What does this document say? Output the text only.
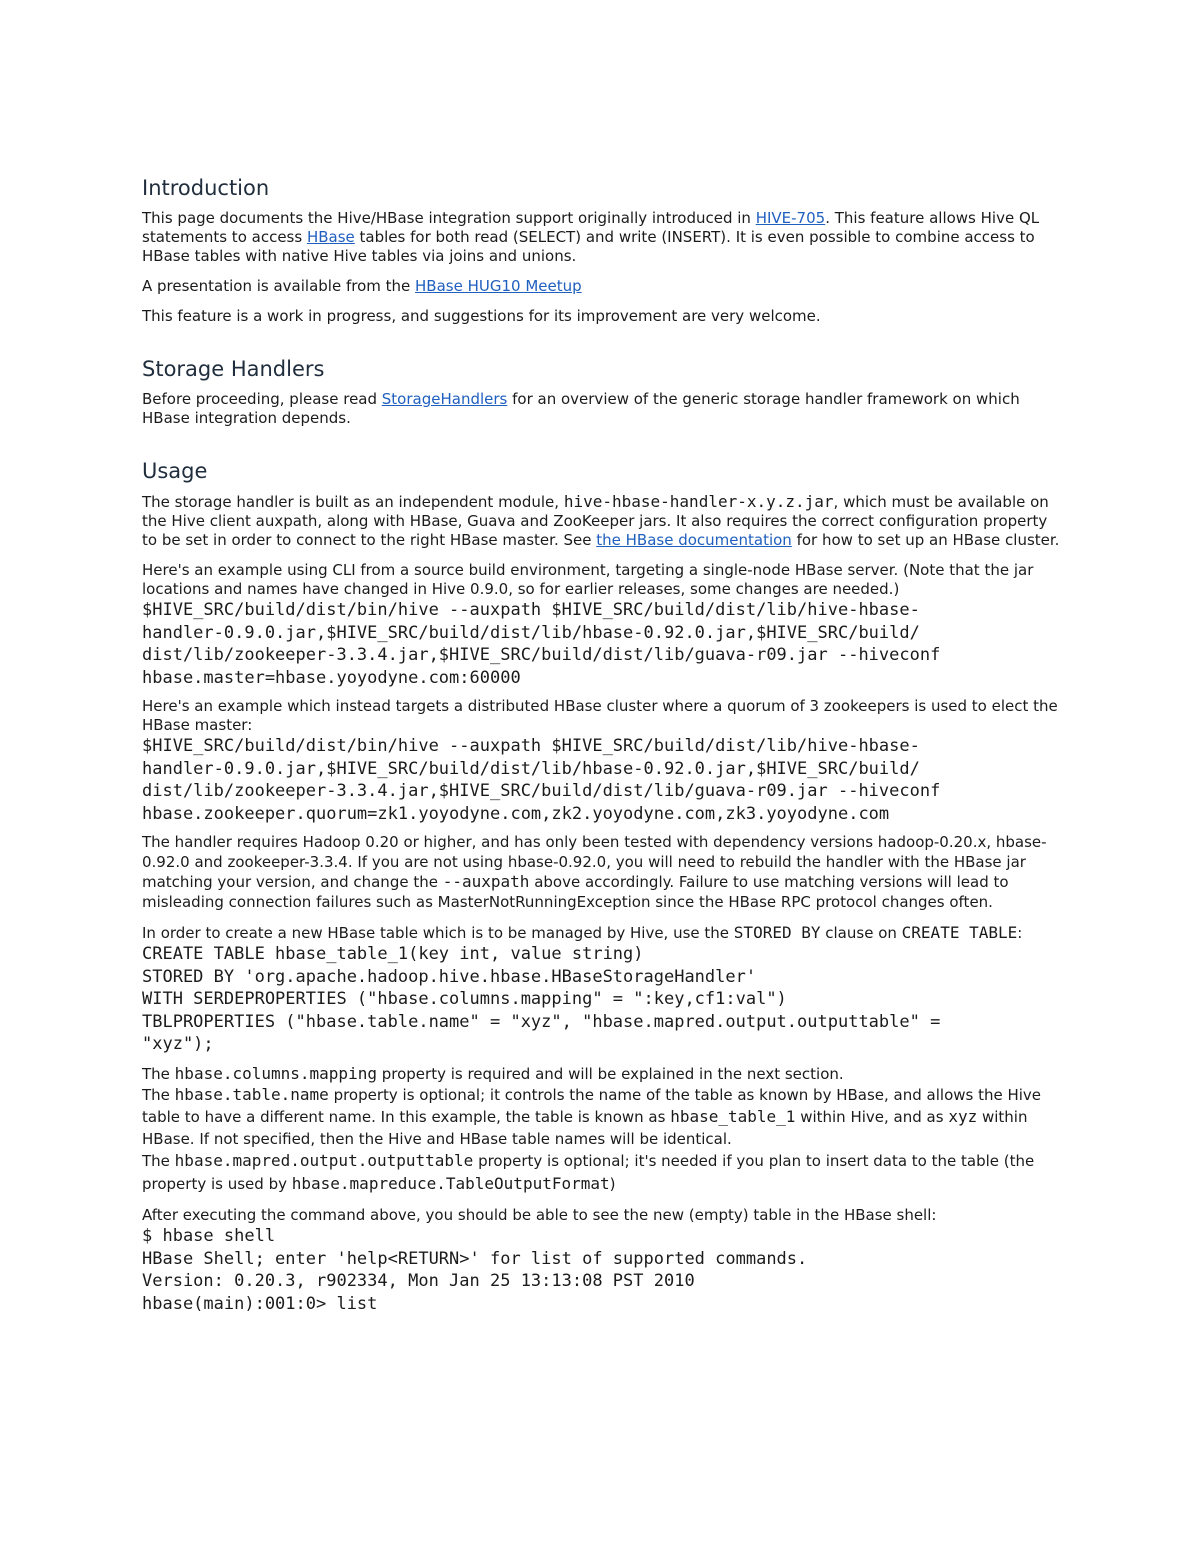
Introduction

This page documents the Hive/HBase integration support originally introduced in HIVE-705. This feature allows Hive QL statements to access HBase tables for both read (SELECT) and write (INSERT). It is even possible to combine access to HBase tables with native Hive tables via joins and unions.

A presentation is available from the HBase HUG10 Meetup

This feature is a work in progress, and suggestions for its improvement are very welcome.

Storage Handlers

Before proceeding, please read StorageHandlers for an overview of the generic storage handler framework on which HBase integration depends.

Usage

The storage handler is built as an independent module, hive-hbase-handler-x.y.z.jar, which must be available on the Hive client auxpath, along with HBase, Guava and ZooKeeper jars. It also requires the correct configuration property to be set in order to connect to the right HBase master. See the HBase documentation for how to set up an HBase cluster.

Here's an example using CLI from a source build environment, targeting a single-node HBase server. (Note that the jar locations and names have changed in Hive 0.9.0, so for earlier releases, some changes are needed.)

$HIVE_SRC/build/dist/bin/hive --auxpath $HIVE_SRC/build/dist/lib/hive-hbase-
handler-0.9.0.jar,$HIVE_SRC/build/dist/lib/hbase-0.92.0.jar,$HIVE_SRC/build/
dist/lib/zookeeper-3.3.4.jar,$HIVE_SRC/build/dist/lib/guava-r09.jar --hiveconf
hbase.master=hbase.yoyodyne.com:60000

Here's an example which instead targets a distributed HBase cluster where a quorum of 3 zookeepers is used to elect the HBase master:

$HIVE_SRC/build/dist/bin/hive --auxpath $HIVE_SRC/build/dist/lib/hive-hbase-
handler-0.9.0.jar,$HIVE_SRC/build/dist/lib/hbase-0.92.0.jar,$HIVE_SRC/build/
dist/lib/zookeeper-3.3.4.jar,$HIVE_SRC/build/dist/lib/guava-r09.jar --hiveconf
hbase.zookeeper.quorum=zk1.yoyodyne.com,zk2.yoyodyne.com,zk3.yoyodyne.com

The handler requires Hadoop 0.20 or higher, and has only been tested with dependency versions hadoop-0.20.x, hbase-0.92.0 and zookeeper-3.3.4. If you are not using hbase-0.92.0, you will need to rebuild the handler with the HBase jar matching your version, and change the --auxpath above accordingly. Failure to use matching versions will lead to misleading connection failures such as MasterNotRunningException since the HBase RPC protocol changes often.

In order to create a new HBase table which is to be managed by Hive, use the STORED BY clause on CREATE TABLE:

CREATE TABLE hbase_table_1(key int, value string)
STORED BY 'org.apache.hadoop.hive.hbase.HBaseStorageHandler'
WITH SERDEPROPERTIES ("hbase.columns.mapping" = ":key,cf1:val")
TBLPROPERTIES ("hbase.table.name" = "xyz", "hbase.mapred.output.outputtable" =
"xyz");

The hbase.columns.mapping property is required and will be explained in the next section.

The hbase.table.name property is optional; it controls the name of the table as known by HBase, and allows the Hive table to have a different name. In this example, the table is known as hbase_table_1 within Hive, and as xyz within HBase. If not specified, then the Hive and HBase table names will be identical.

The hbase.mapred.output.outputtable property is optional; it's needed if you plan to insert data to the table (the property is used by hbase.mapreduce.TableOutputFormat)

After executing the command above, you should be able to see the new (empty) table in the HBase shell:

$ hbase shell
HBase Shell; enter 'help<RETURN>' for list of supported commands.
Version: 0.20.3, r902334, Mon Jan 25 13:13:08 PST 2010
hbase(main):001:0> list
